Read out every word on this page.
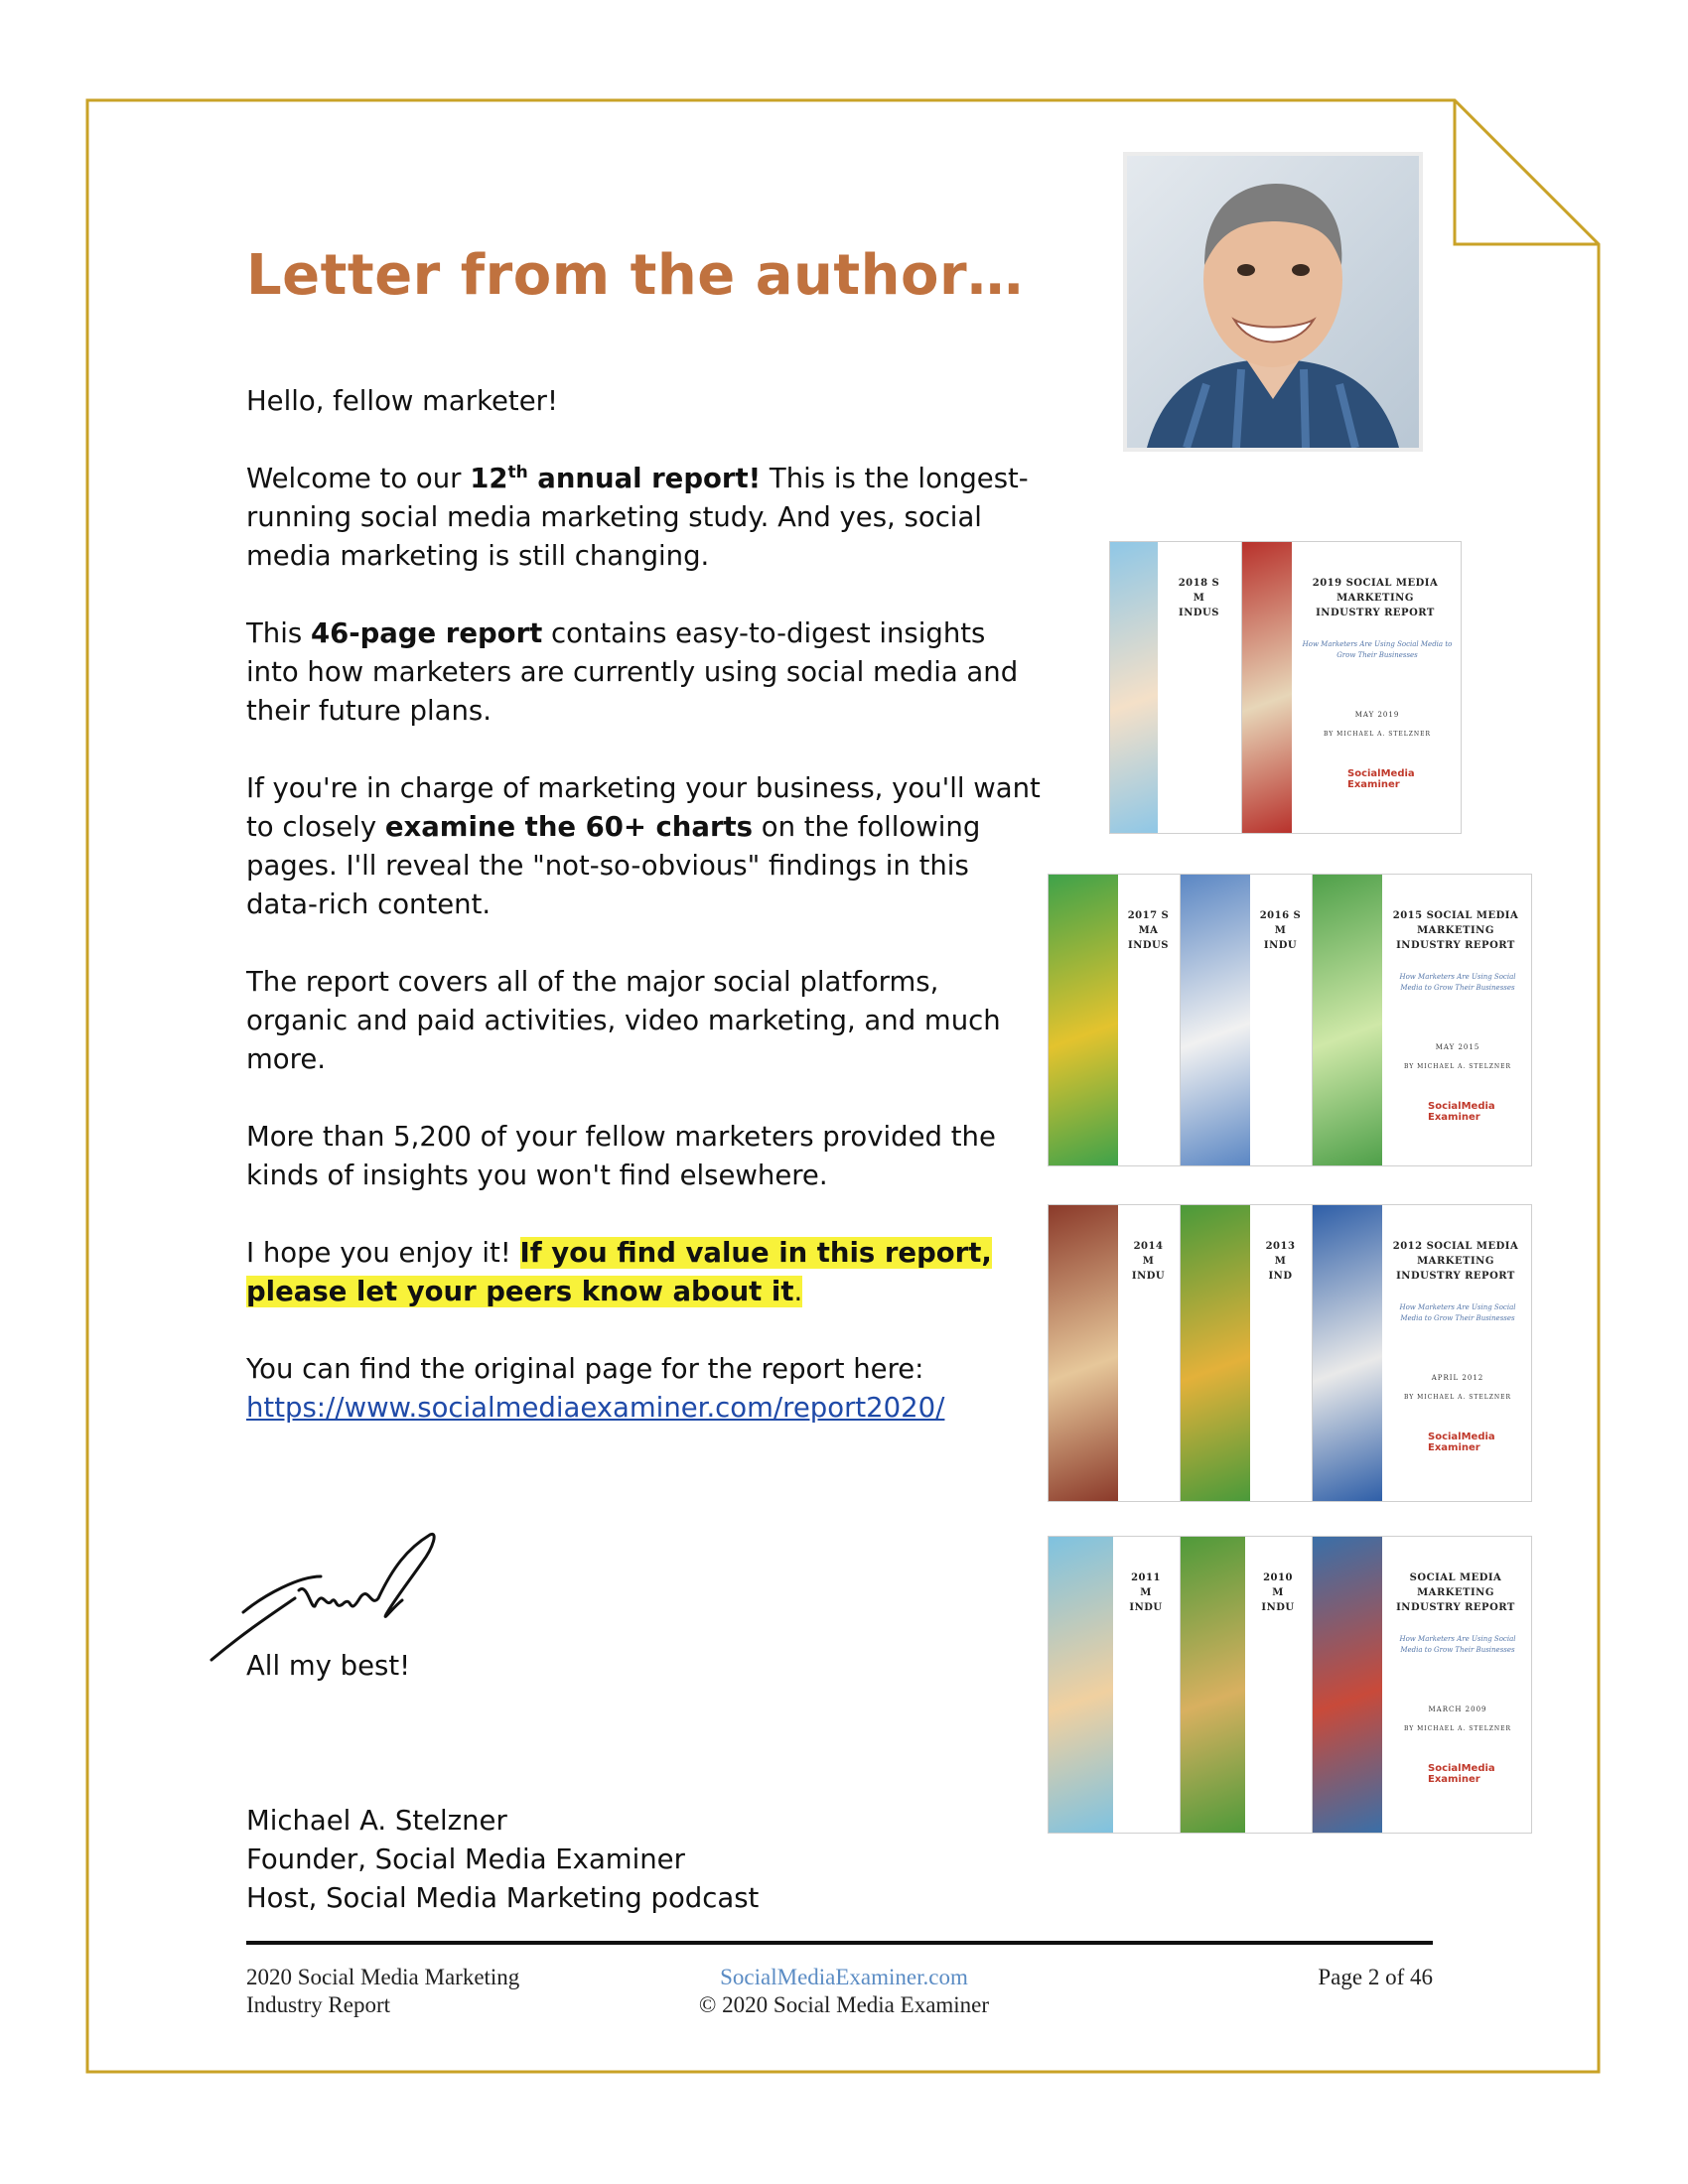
Letter from the author…

Hello, fellow marketer!

Welcome to our 12th annual report! This is the longest-running social media marketing study. And yes, social media marketing is still changing.

This 46-page report contains easy-to-digest insights into how marketers are currently using social media and their future plans.

If you're in charge of marketing your business, you'll want to closely examine the 60+ charts on the following pages. I'll reveal the "not-so-obvious" findings in this data-rich content.

The report covers all of the major social platforms, organic and paid activities, video marketing, and much more.

More than 5,200 of your fellow marketers provided the kinds of insights you won't find elsewhere.

I hope you enjoy it! If you find value in this report, please let your peers know about it.

You can find the original page for the report here:
https://www.socialmediaexaminer.com/report2020/

All my best!
Michael A. Stelzner
Founder, Social Media Examiner
Host, Social Media Marketing podcast
2018 S
M
INDUS
2019 SOCIAL MEDIA
MARKETING
INDUSTRY REPORT
How Marketers Are Using Social Media to Grow Their Businesses
MAY 2019
BY MICHAEL A. STELZNER
SocialMedia Examiner
2017 S
MA
INDUS
2016 S
M
INDU
2015 SOCIAL MEDIA
MARKETING
INDUSTRY REPORT
How Marketers Are Using Social Media to Grow Their Businesses
MAY 2015
BY MICHAEL A. STELZNER
SocialMedia Examiner
2014
M
INDU
2013
M
IND
2012 SOCIAL MEDIA
MARKETING
INDUSTRY REPORT
How Marketers Are Using Social Media to Grow Their Businesses
APRIL 2012
BY MICHAEL A. STELZNER
SocialMedia Examiner
2011
M
INDU
2010
M
INDU
SOCIAL MEDIA
MARKETING
INDUSTRY REPORT
How Marketers Are Using Social Media to Grow Their Businesses
MARCH 2009
BY MICHAEL A. STELZNER
SocialMedia Examiner
2020 Social Media Marketing
Industry Report
SocialMediaExaminer.com
© 2020 Social Media Examiner
Page 2 of 46
